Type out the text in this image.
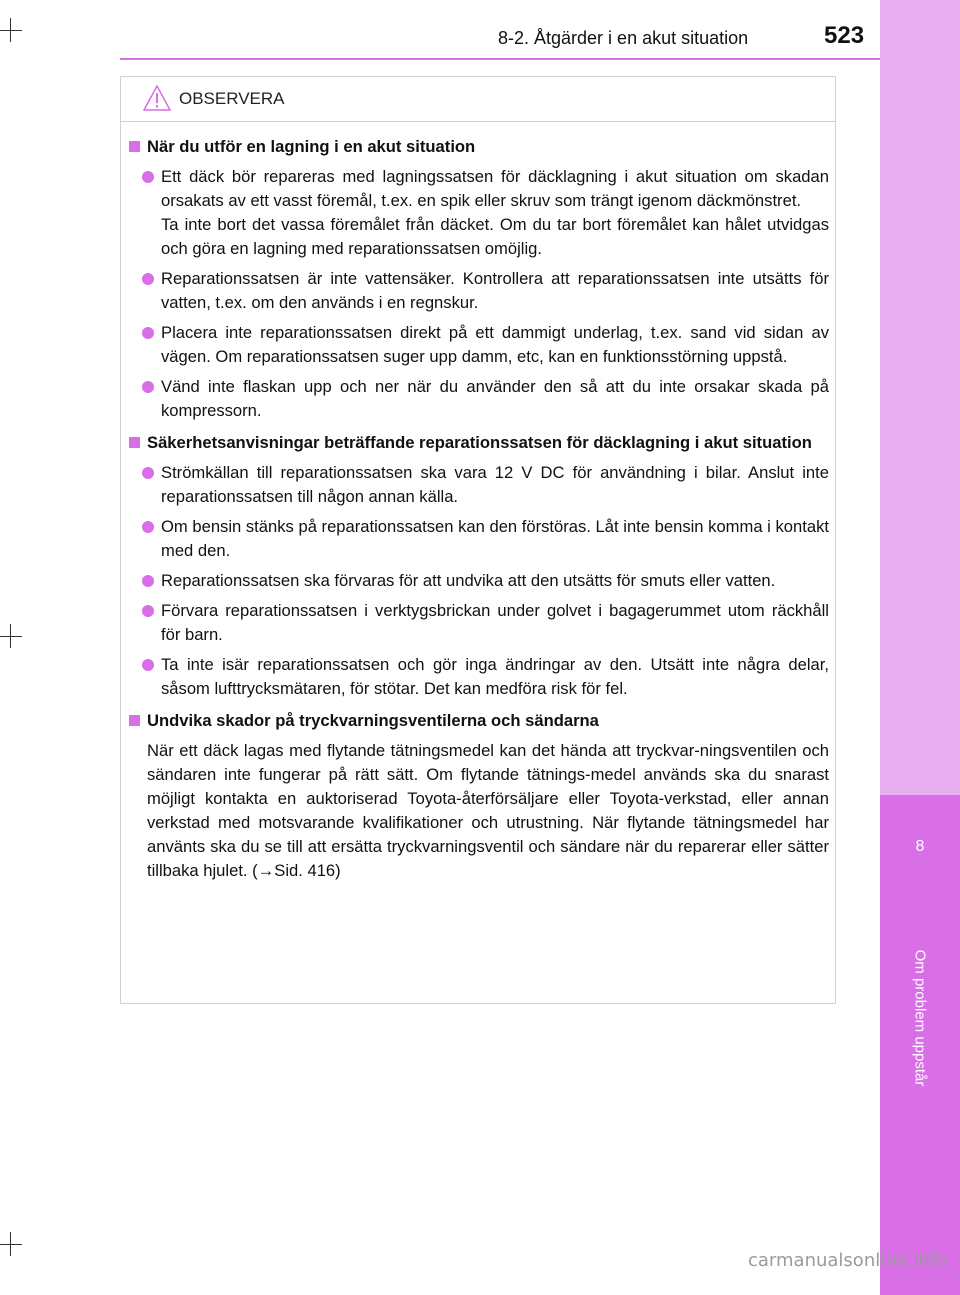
8
Om problem uppstår
8-2. Åtgärder i en akut situation	523
OBSERVERA
När du utför en lagning i en akut situation
Ett däck bör repareras med lagningssatsen för däcklagning i akut situation om skadan orsakats av ett vasst föremål, t.ex. en spik eller skruv som trängt igenom däckmönstret.
Ta inte bort det vassa föremålet från däcket. Om du tar bort föremålet kan hålet utvidgas och göra en lagning med reparationssatsen omöjlig.
Reparationssatsen är inte vattensäker. Kontrollera att reparationssatsen inte utsätts för vatten, t.ex. om den används i en regnskur.
Placera inte reparationssatsen direkt på ett dammigt underlag, t.ex. sand vid sidan av vägen. Om reparationssatsen suger upp damm, etc, kan en funktionsstörning uppstå.
Vänd inte flaskan upp och ner när du använder den så att du inte orsakar skada på kompressorn.
Säkerhetsanvisningar beträffande reparationssatsen för däcklagning i akut situation
Strömkällan till reparationssatsen ska vara 12 V DC för användning i bilar. Anslut inte reparationssatsen till någon annan källa.
Om bensin stänks på reparationssatsen kan den förstöras. Låt inte bensin komma i kontakt med den.
Reparationssatsen ska förvaras för att undvika att den utsätts för smuts eller vatten.
Förvara reparationssatsen i verktygsbrickan under golvet i bagagerummet utom räckhåll för barn.
Ta inte isär reparationssatsen och gör inga ändringar av den. Utsätt inte några delar, såsom lufttrycksmätaren, för stötar. Det kan medföra risk för fel.
Undvika skador på tryckvarningsventilerna och sändarna
När ett däck lagas med flytande tätningsmedel kan det hända att tryckvar-ningsventilen och sändaren inte fungerar på rätt sätt. Om flytande tätnings-medel används ska du snarast möjligt kontakta en auktoriserad Toyota-återförsäljare eller Toyota-verkstad, eller annan verkstad med motsvarande kvalifikationer och utrustning. När flytande tätningsmedel har använts ska du se till att ersätta tryckvarningsventil och sändare när du reparerar eller sätter tillbaka hjulet. (→Sid. 416)
carmanualsonline.info
